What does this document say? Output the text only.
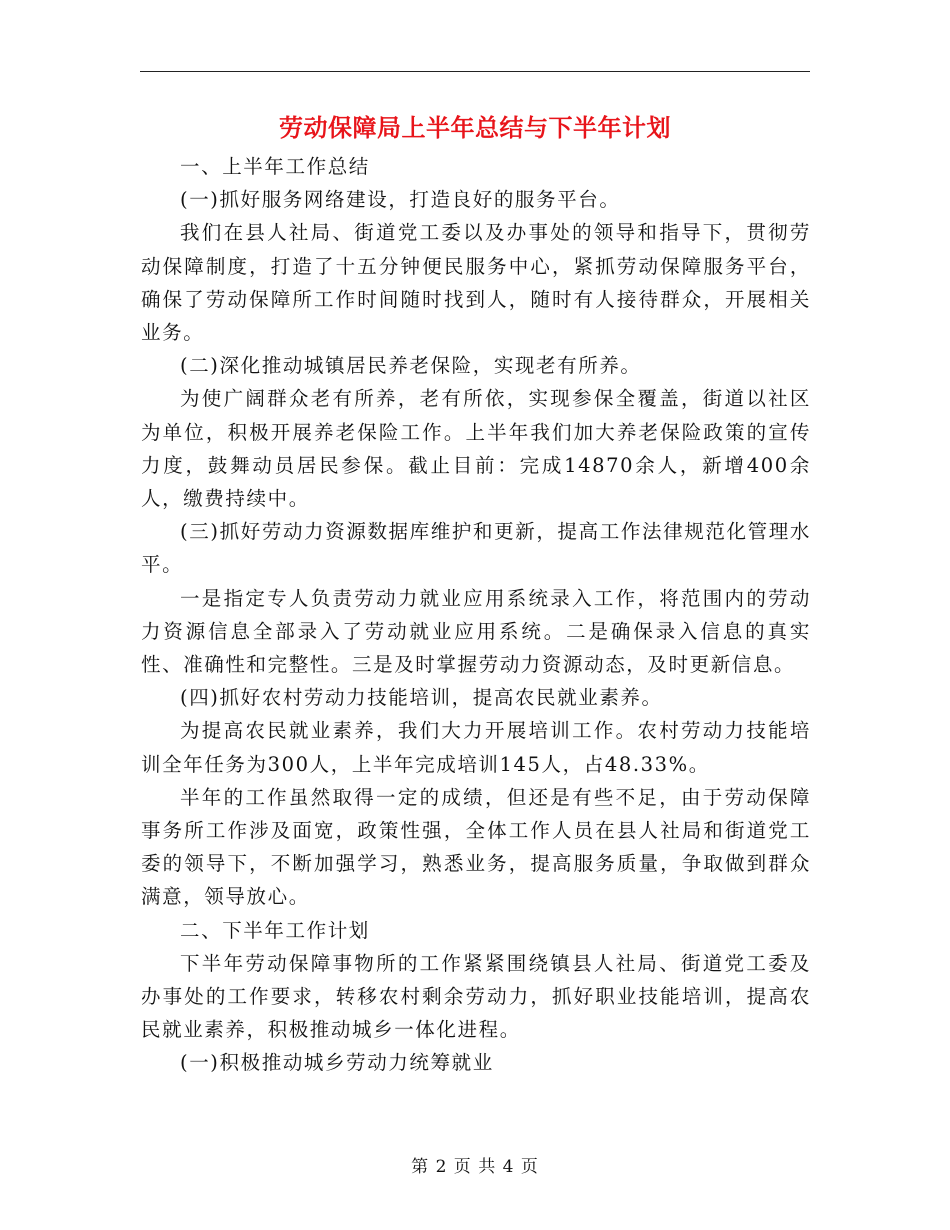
劳动保障局上半年总结与下半年计划

一、上半年工作总结

(一)抓好服务网络建设，打造良好的服务平台。

我们在县人社局、街道党工委以及办事处的领导和指导下，贯彻劳动保障制度，打造了十五分钟便民服务中心，紧抓劳动保障服务平台，确保了劳动保障所工作时间随时找到人，随时有人接待群众，开展相关业务。

(二)深化推动城镇居民养老保险，实现老有所养。

为使广阔群众老有所养，老有所依，实现参保全覆盖，街道以社区为单位，积极开展养老保险工作。上半年我们加大养老保险政策的宣传力度，鼓舞动员居民参保。截止目前：完成14870余人，新增400余人，缴费持续中。

(三)抓好劳动力资源数据库维护和更新，提高工作法律规范化管理水平。

一是指定专人负责劳动力就业应用系统录入工作，将范围内的劳动力资源信息全部录入了劳动就业应用系统。二是确保录入信息的真实性、准确性和完整性。三是及时掌握劳动力资源动态，及时更新信息。

(四)抓好农村劳动力技能培训，提高农民就业素养。

为提高农民就业素养，我们大力开展培训工作。农村劳动力技能培训全年任务为300人，上半年完成培训145人，占48.33%。

半年的工作虽然取得一定的成绩，但还是有些不足，由于劳动保障事务所工作涉及面宽，政策性强，全体工作人员在县人社局和街道党工委的领导下，不断加强学习，熟悉业务，提高服务质量，争取做到群众满意，领导放心。

二、下半年工作计划

下半年劳动保障事物所的工作紧紧围绕镇县人社局、街道党工委及办事处的工作要求，转移农村剩余劳动力，抓好职业技能培训，提高农民就业素养，积极推动城乡一体化进程。

(一)积极推动城乡劳动力统筹就业

第 2 页 共 4 页
